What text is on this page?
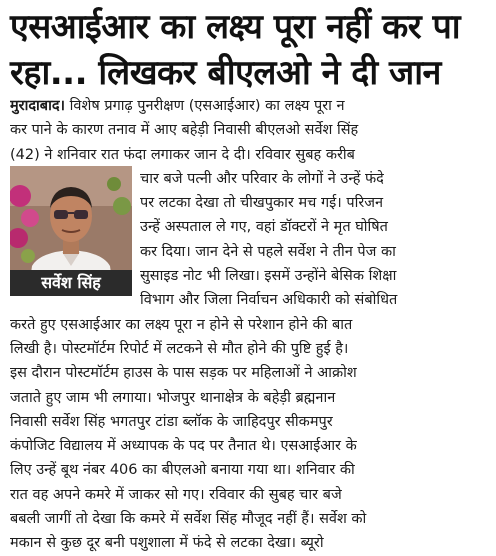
एसआईआर का लक्ष्य पूरा नहीं कर पा
रहा... लिखकर बीएलओ ने दी जान
मुरादाबाद। विशेष प्रगाढ़ पुनरीक्षण (एसआईआर) का लक्ष्य पूरा न
कर पाने के कारण तनाव में आए बहेड़ी निवासी बीएलओ सर्वेश सिंह
(42) ने शनिवार रात फंदा लगाकर जान दे दी। रविवार सुबह करीब
चार बजे पत्नी और परिवार के लोगों ने उन्हें फंदे
पर लटका देखा तो चीखपुकार मच गई। परिजन
उन्हें अस्पताल ले गए, वहां डॉक्टरों ने मृत घोषित
कर दिया। जान देने से पहले सर्वेश ने तीन पेज का
सुसाइड नोट भी लिखा। इसमें उन्होंने बेसिक शिक्षा
विभाग और जिला निर्वाचन अधिकारी को संबोधित
करते हुए एसआईआर का लक्ष्य पूरा न होने से परेशान होने की बात
लिखी है। पोस्टमॉर्टम रिपोर्ट में लटकने से मौत होने की पुष्टि हुई है।
इस दौरान पोस्टमॉर्टम हाउस के पास सड़क पर महिलाओं ने आक्रोश
जताते हुए जाम भी लगाया। भोजपुर थानाक्षेत्र के बहेड़ी ब्रह्मनान
निवासी सर्वेश सिंह भगतपुर टांडा ब्लॉक के जाहिदपुर सीकमपुर
कंपोजिट विद्यालय में अध्यापक के पद पर तैनात थे। एसआईआर के
लिए उन्हें बूथ नंबर 406 का बीएलओ बनाया गया था। शनिवार की
रात वह अपने कमरे में जाकर सो गए। रविवार की सुबह चार बजे
बबली जागीं तो देखा कि कमरे में सर्वेश सिंह मौजूद नहीं हैं। सर्वेश को
मकान से कुछ दूर बनी पशुशाला में फंदे से लटका देखा। ब्यूरो
सर्वेश सिंह
